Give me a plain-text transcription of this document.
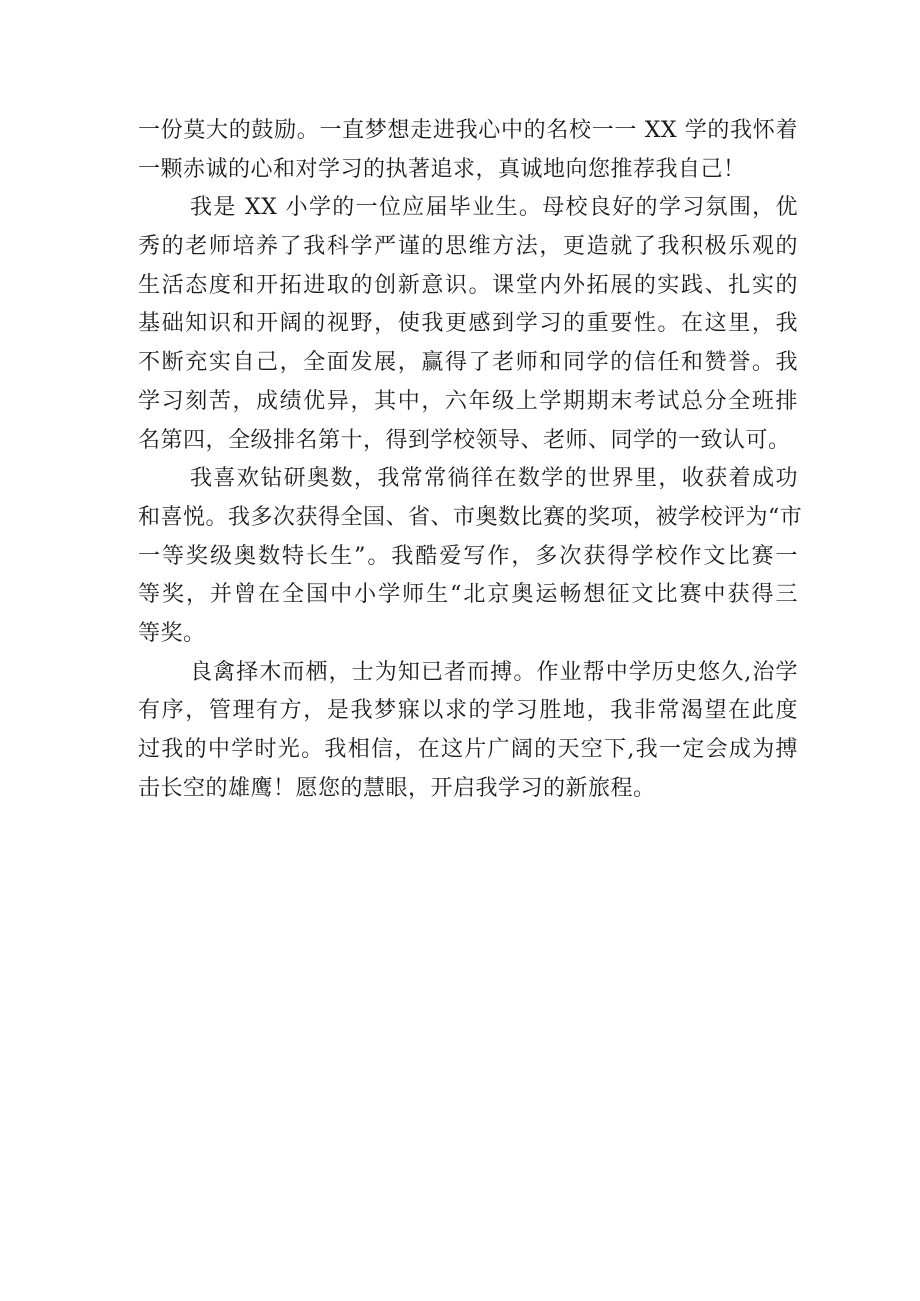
一份莫大的鼓励。一直梦想走进我心中的名校一一 XX 学的我怀着
一颗赤诚的心和对学习的执著追求，真诚地向您推荐我自己！
我是 XX 小学的一位应届毕业生。母校良好的学习氛围，优
秀的老师培养了我科学严谨的思维方法，更造就了我积极乐观的
生活态度和开拓进取的创新意识。课堂内外拓展的实践、扎实的
基础知识和开阔的视野，使我更感到学习的重要性。在这里，我
不断充实自己，全面发展，赢得了老师和同学的信任和赞誉。我
学习刻苦，成绩优异，其中，六年级上学期期末考试总分全班排
名第四，全级排名第十，得到学校领导、老师、同学的一致认可。
我喜欢钻研奥数，我常常徜徉在数学的世界里，收获着成功
和喜悦。我多次获得全国、省、市奥数比赛的奖项，被学校评为“市
一等奖级奥数特长生”。我酷爱写作，多次获得学校作文比赛一
等奖，并曾在全国中小学师生“北京奥运畅想征文比赛中获得三
等奖。
良禽择木而栖，士为知已者而搏。作业帮中学历史悠久,治学
有序，管理有方，是我梦寐以求的学习胜地，我非常渴望在此度
过我的中学时光。我相信，在这片广阔的天空下,我一定会成为搏
击长空的雄鹰！愿您的慧眼，开启我学习的新旅程。
